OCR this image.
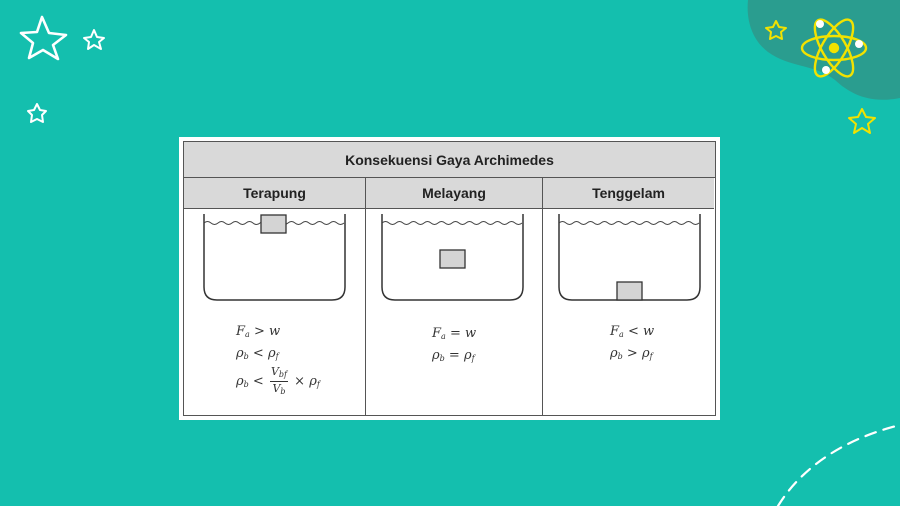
Konsekuensi Gaya Archimedes
Terapung
$F_a > w$
$\rho_b < \rho_f$
$\rho_b < \frac{V_{bf}}{V_b} \times \rho_f$
Melayang
$F_a = w$
$\rho_b = \rho_f$
Tenggelam
$F_a < w$
$\rho_b > \rho_f$
